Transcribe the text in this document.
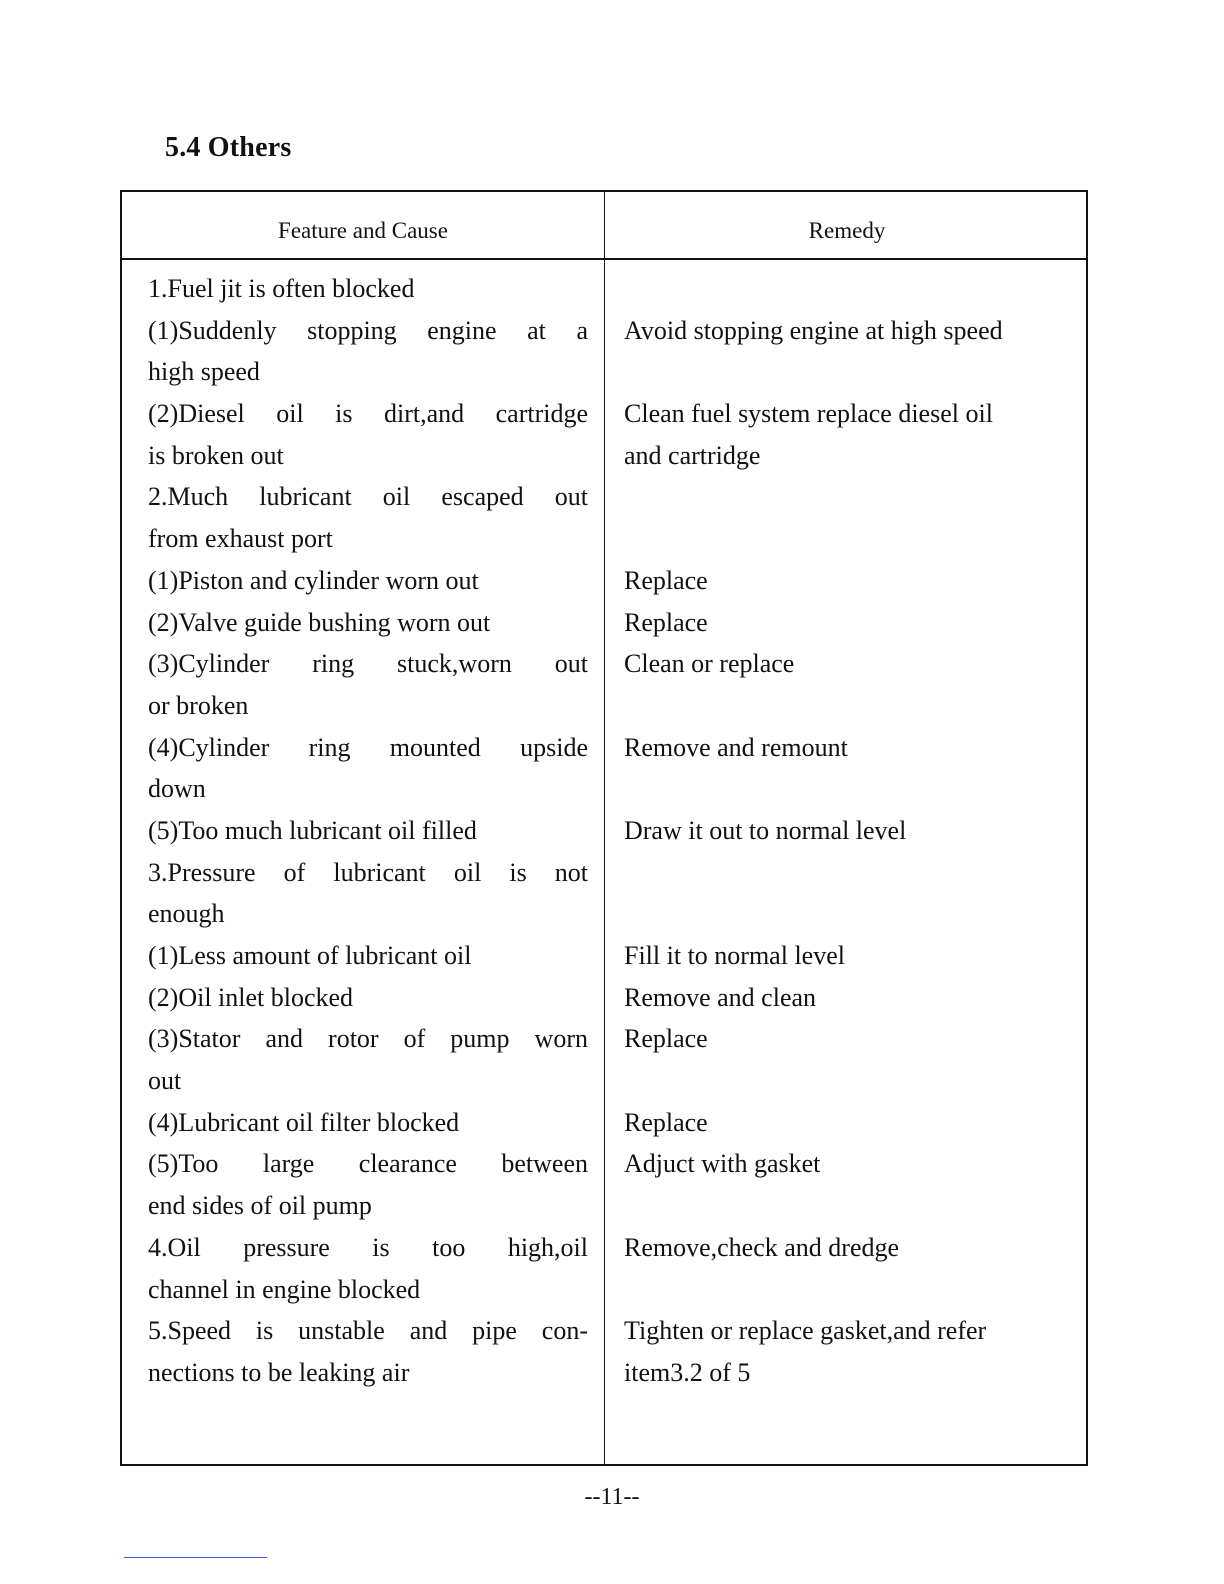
5.4 Others
Feature and Cause	Remedy
1.Fuel jit is often blocked
(1)Suddenly stopping engine at a
high speed
(2)Diesel oil is dirt,and cartridge
is broken out
2.Much lubricant oil escaped out
from exhaust port
(1)Piston and cylinder worn out
(2)Valve guide bushing worn out
(3)Cylinder ring stuck,worn out
or broken
(4)Cylinder ring mounted upside
down
(5)Too much lubricant oil filled
3.Pressure of lubricant oil is not
enough
(1)Less amount of lubricant oil
(2)Oil inlet blocked
(3)Stator and rotor of pump worn
out
(4)Lubricant oil filter blocked
(5)Too large clearance between
end sides of oil pump
4.Oil pressure is too high,oil
channel in engine blocked
5.Speed is unstable and pipe con-
nections to be leaking air
Avoid stopping engine at high speed
Clean fuel system replace diesel oil
and cartridge
Replace
Replace
Clean or replace
Remove and remount
Draw it out to normal level
Fill it to normal level
Remove and clean
Replace
Replace
Adjuct with gasket
Remove,check and dredge
Tighten or replace gasket,and refer
item3.2 of 5
--11--
